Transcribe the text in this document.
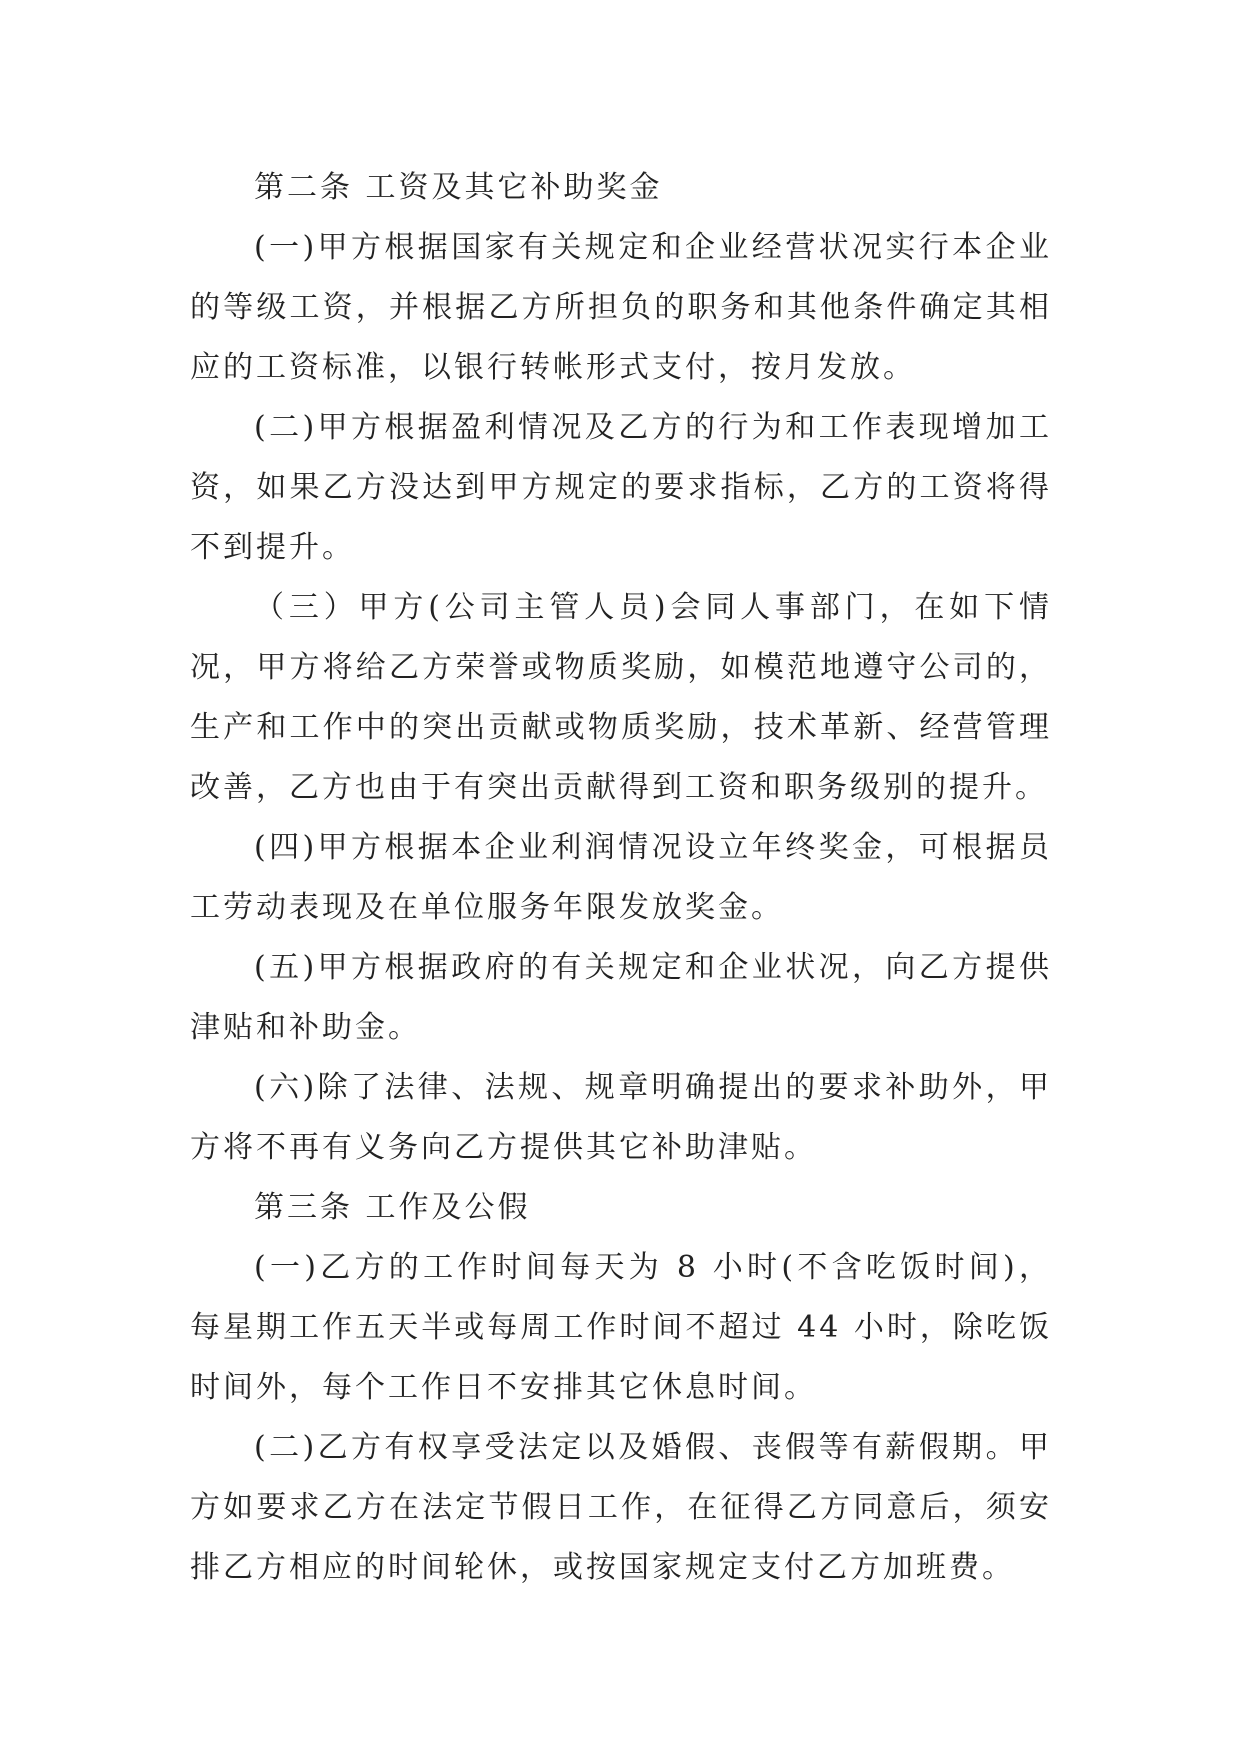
第二条 工资及其它补助奖金

(一)甲方根据国家有关规定和企业经营状况实行本企业的等级工资，并根据乙方所担负的职务和其他条件确定其相应的工资标准，以银行转帐形式支付，按月发放。

(二)甲方根据盈利情况及乙方的行为和工作表现增加工资，如果乙方没达到甲方规定的要求指标，乙方的工资将得不到提升。

（三）甲方(公司主管人员)会同人事部门，在如下情况，甲方将给乙方荣誉或物质奖励，如模范地遵守公司的，生产和工作中的突出贡献或物质奖励，技术革新、经营管理改善，乙方也由于有突出贡献得到工资和职务级别的提升。

(四)甲方根据本企业利润情况设立年终奖金，可根据员工劳动表现及在单位服务年限发放奖金。

(五)甲方根据政府的有关规定和企业状况，向乙方提供津贴和补助金。

(六)除了法律、法规、规章明确提出的要求补助外，甲方将不再有义务向乙方提供其它补助津贴。

第三条 工作及公假

(一)乙方的工作时间每天为 8 小时(不含吃饭时间)，每星期工作五天半或每周工作时间不超过 44 小时，除吃饭时间外，每个工作日不安排其它休息时间。

(二)乙方有权享受法定以及婚假、丧假等有薪假期。甲方如要求乙方在法定节假日工作，在征得乙方同意后，须安排乙方相应的时间轮休，或按国家规定支付乙方加班费。
